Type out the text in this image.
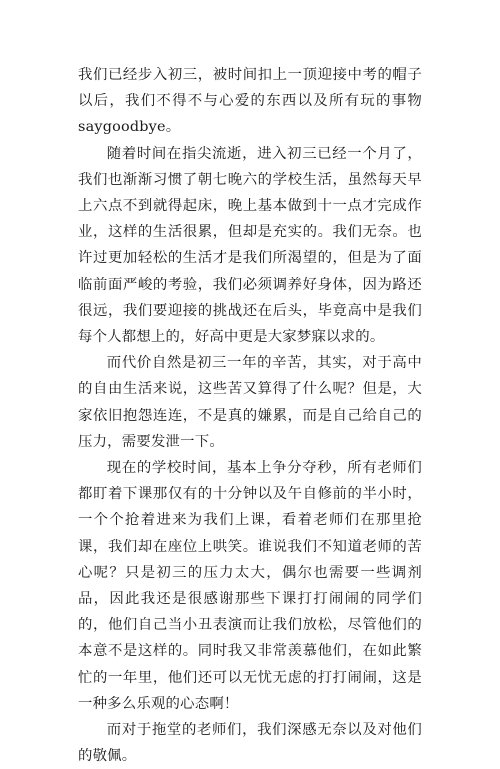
我们已经步入初三，被时间扣上一顶迎接中考的帽子以后，我们不得不与心爱的东西以及所有玩的事物 saygoodbye。

随着时间在指尖流逝，进入初三已经一个月了，我们也渐渐习惯了朝七晚六的学校生活，虽然每天早上六点不到就得起床，晚上基本做到十一点才完成作业，这样的生活很累，但却是充实的。我们无奈。也许过更加轻松的生活才是我们所渴望的，但是为了面临前面严峻的考验，我们必须调养好身体，因为路还很远，我们要迎接的挑战还在后头，毕竟高中是我们每个人都想上的，好高中更是大家梦寐以求的。

而代价自然是初三一年的辛苦，其实，对于高中的自由生活来说，这些苦又算得了什么呢？但是，大家依旧抱怨连连，不是真的嫌累，而是自己给自己的压力，需要发泄一下。

现在的学校时间，基本上争分夺秒，所有老师们都盯着下课那仅有的十分钟以及午自修前的半小时，一个个抢着进来为我们上课，看着老师们在那里抢课，我们却在座位上哄笑。谁说我们不知道老师的苦心呢？只是初三的压力太大，偶尔也需要一些调剂品，因此我还是很感谢那些下课打打闹闹的同学们的，他们自己当小丑表演而让我们放松，尽管他们的本意不是这样的。同时我又非常羡慕他们，在如此繁忙的一年里，他们还可以无忧无虑的打打闹闹，这是一种多么乐观的心态啊！

而对于拖堂的老师们，我们深感无奈以及对他们的敬佩。
